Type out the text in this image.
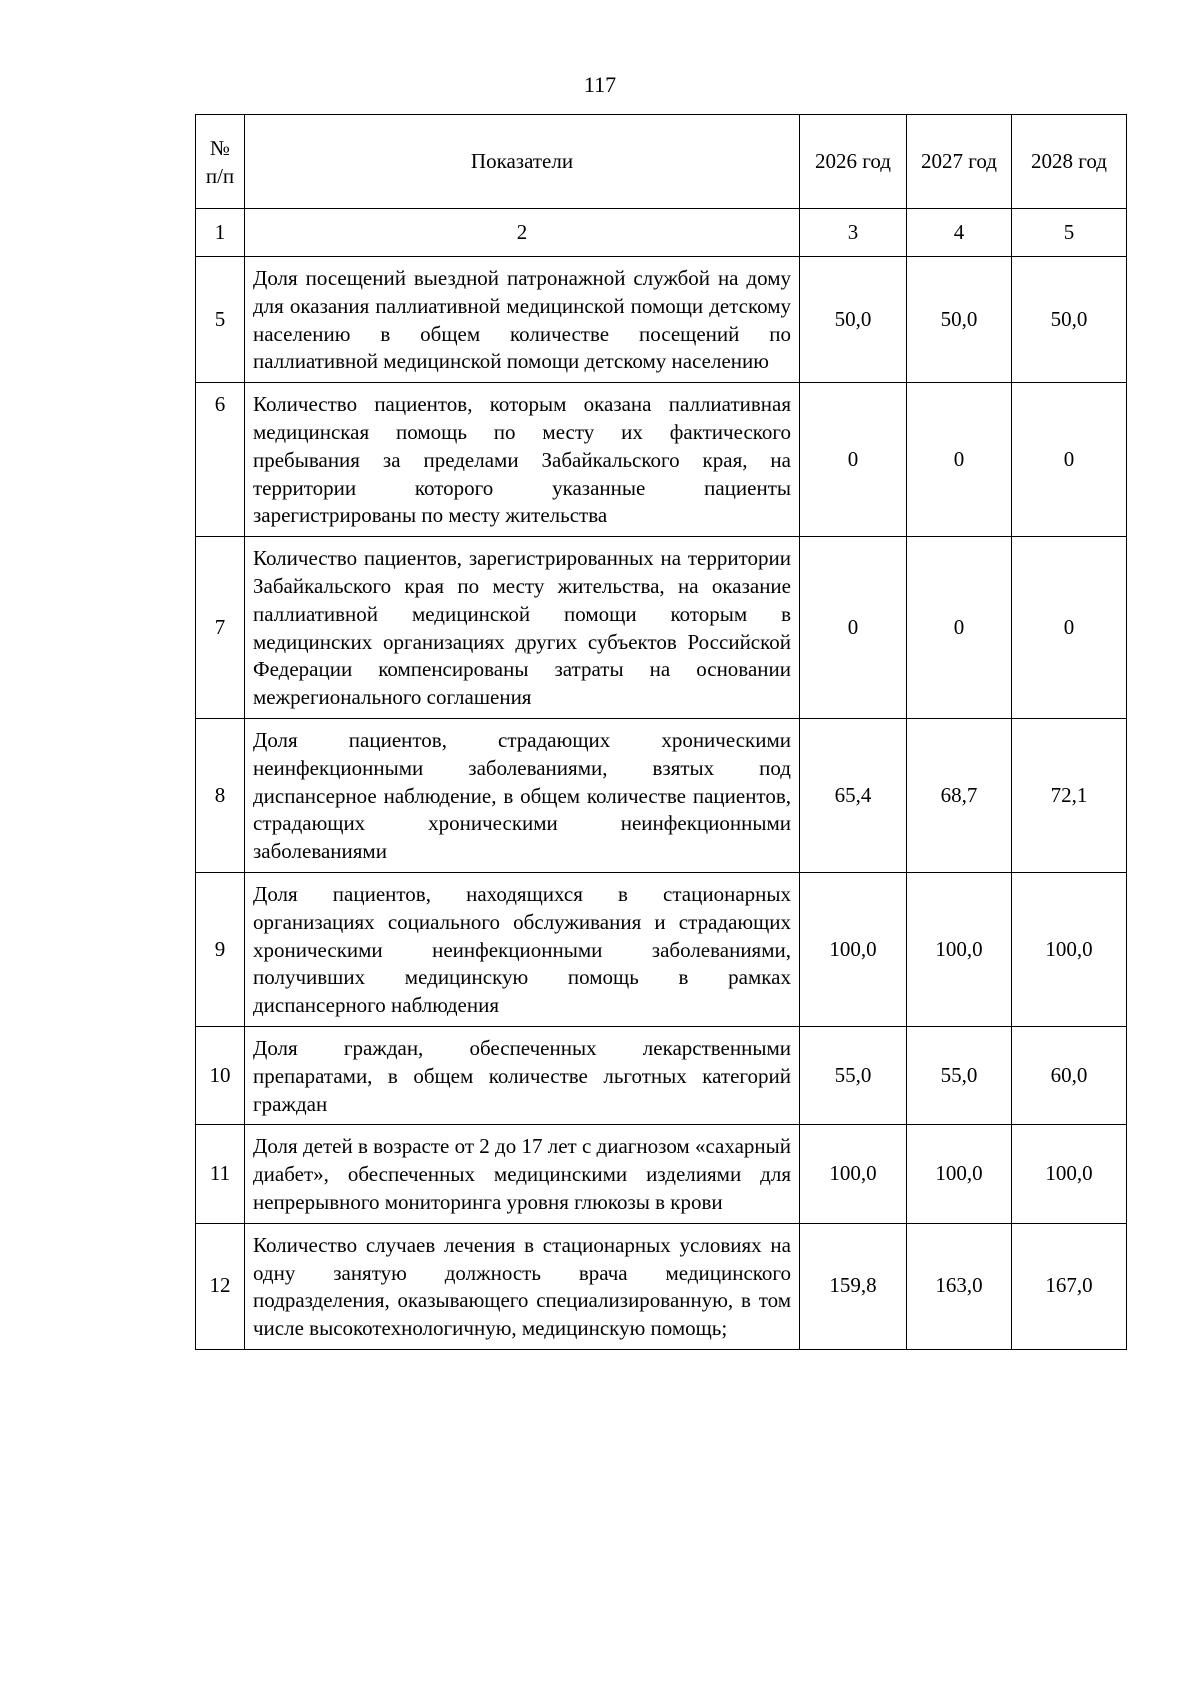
117
№
п/п	Показатели	2026 год	2027 год	2028 год
1	2	3	4	5
5	Доля посещений выездной патронажной службой на дому для оказания паллиативной медицинской помощи детскому населению в общем количестве посещений по паллиативной медицинской помощи детскому населению	50,0	50,0	50,0
6	Количество пациентов, которым оказана паллиативная медицинская помощь по месту их фактического пребывания за пределами Забайкальского края, на территории которого указанные пациенты зарегистрированы по месту жительства	0	0	0
7	Количество пациентов, зарегистрированных на территории Забайкальского края по месту жительства, на оказание паллиативной медицинской помощи которым в медицинских организациях других субъектов Российской Федерации компенсированы затраты на основании межрегионального соглашения	0	0	0
8	Доля пациентов, страдающих хроническими неинфекционными заболеваниями, взятых под диспансерное наблюдение, в общем количестве пациентов, страдающих хроническими неинфекционными заболеваниями	65,4	68,7	72,1
9	Доля пациентов, находящихся в стационарных организациях социального обслуживания и страдающих хроническими неинфекционными заболеваниями, получивших медицинскую помощь в рамках диспансерного наблюдения	100,0	100,0	100,0
10	Доля граждан, обеспеченных лекарственными препаратами, в общем количестве льготных категорий граждан	55,0	55,0	60,0
11	Доля детей в возрасте от 2 до 17 лет с диагнозом «сахарный диабет», обеспеченных медицинскими изделиями для непрерывного мониторинга уровня глюкозы в крови	100,0	100,0	100,0
12	Количество случаев лечения в стационарных условиях на одну занятую должность врача медицинского подразделения, оказывающего специализированную, в том числе высокотехнологичную, медицинскую помощь;	159,8	163,0	167,0
